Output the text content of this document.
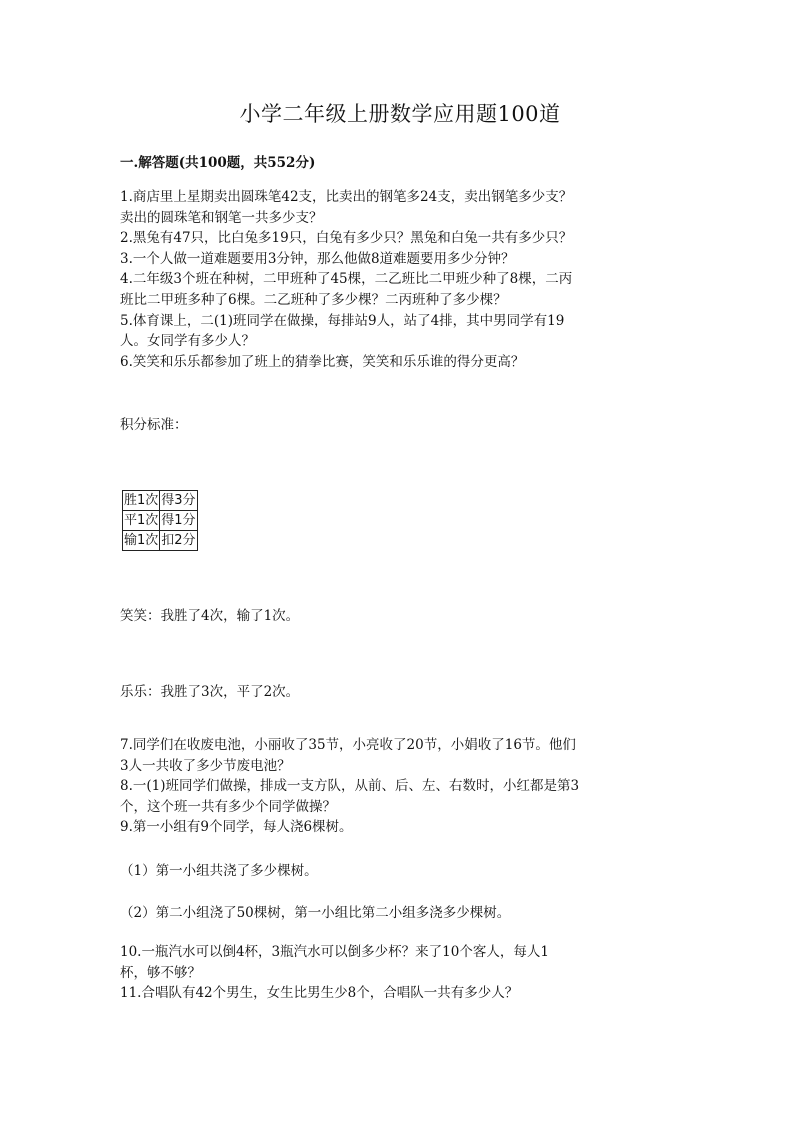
小学二年级上册数学应用题100道
一.解答题(共100题，共552分)

1.商店里上星期卖出圆珠笔42支，比卖出的钢笔多24支，卖出钢笔多少支？

卖出的圆珠笔和钢笔一共多少支？

2.黑兔有47只，比白兔多19只，白兔有多少只？黑兔和白兔一共有多少只？

3.一个人做一道难题要用3分钟，那么他做8道难题要用多少分钟？

4.二年级3个班在种树，二甲班种了45棵，二乙班比二甲班少种了8棵，二丙

班比二甲班多种了6棵。二乙班种了多少棵？二丙班种了多少棵？

5.体育课上，二(1)班同学在做操，每排站9人，站了4排，其中男同学有19

人。女同学有多少人？

6.笑笑和乐乐都参加了班上的猜拳比赛，笑笑和乐乐谁的得分更高？

积分标准：
胜1次	得3分
平1次	得1分
输1次	扣2分
笑笑：我胜了4次，输了1次。
乐乐：我胜了3次，平了2次。

7.同学们在收废电池，小丽收了35节，小亮收了20节，小娟收了16节。他们

3人一共收了多少节废电池？

8.一(1)班同学们做操，排成一支方队，从前、后、左、右数时，小红都是第3

个，这个班一共有多少个同学做操？

9.第一小组有9个同学，每人浇6棵树。

（1）第一小组共浇了多少棵树。
（2）第二小组浇了50棵树，第一小组比第二小组多浇多少棵树。

10.一瓶汽水可以倒4杯，3瓶汽水可以倒多少杯？来了10个客人，每人1

杯，够不够？

11.合唱队有42个男生，女生比男生少8个，合唱队一共有多少人？
